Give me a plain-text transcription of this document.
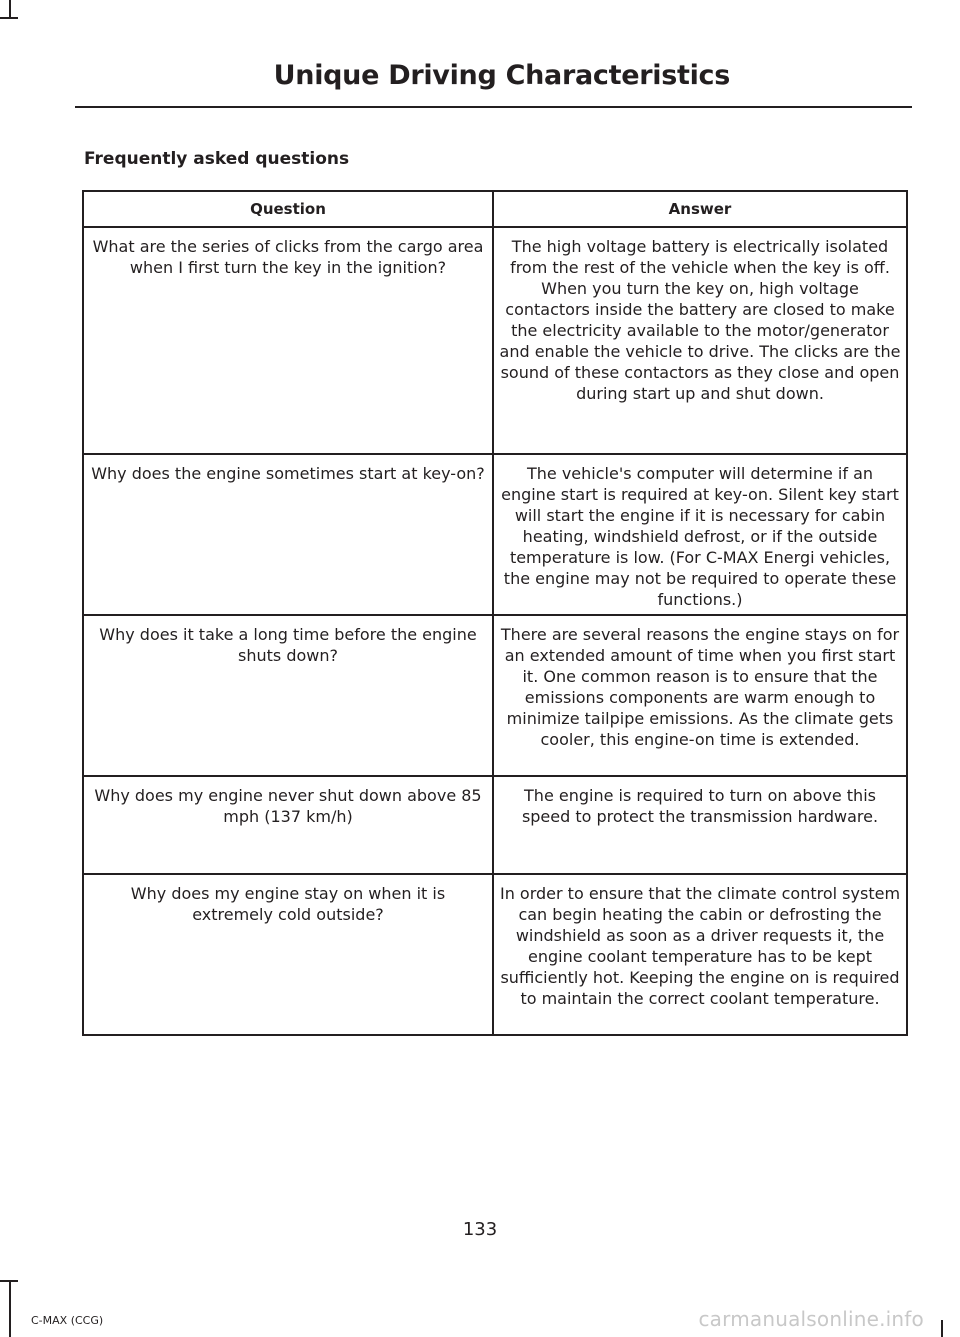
Unique Driving Characteristics
Frequently asked questions
Question	Answer
What are the series of clicks from the cargo area when I first turn the key in the ignition?	The high voltage battery is electrically isolated from the rest of the vehicle when the key is off. When you turn the key on, high voltage contactors inside the battery are closed to make the electricity available to the motor/generator and enable the vehicle to drive. The clicks are the sound of these contactors as they close and open during start up and shut down.
Why does the engine sometimes start at key-on?	The vehicle's computer will determine if an engine start is required at key-on. Silent key start will start the engine if it is necessary for cabin heating, windshield defrost, or if the outside temperature is low. (For C-MAX Energi vehicles, the engine may not be required to operate these functions.)
Why does it take a long time before the engine shuts down?	There are several reasons the engine stays on for an extended amount of time when you first start it. One common reason is to ensure that the emissions components are warm enough to minimize tailpipe emissions. As the climate gets cooler, this engine-on time is extended.
Why does my engine never shut down above 85 mph (137 km/h)	The engine is required to turn on above this speed to protect the transmission hardware.
Why does my engine stay on when it is extremely cold outside?	In order to ensure that the climate control system can begin heating the cabin or defrosting the windshield as soon as a driver requests it, the engine coolant temperature has to be kept sufficiently hot. Keeping the engine on is required to maintain the correct coolant temperature.
133
C-MAX (CCG)	carmanualsonline.info
